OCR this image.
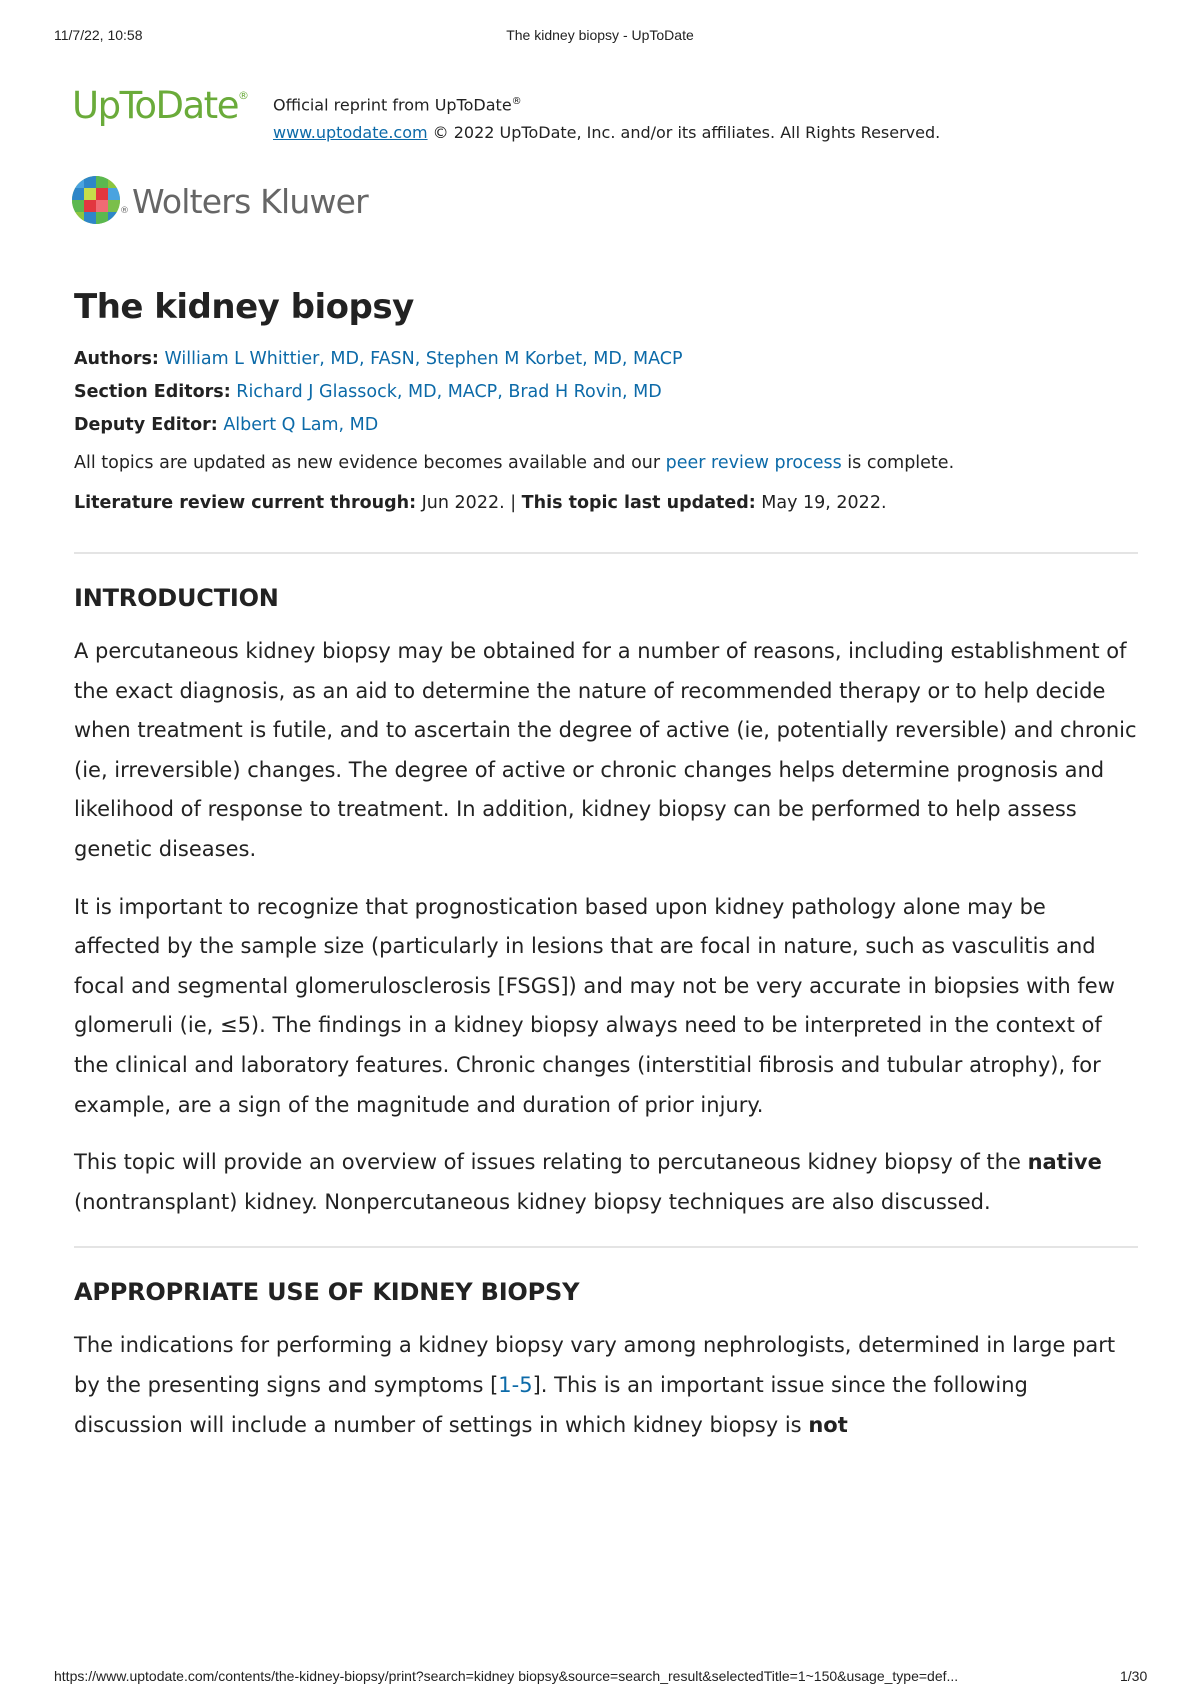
11/7/22, 10:58	The kidney biopsy - UpToDate
UpToDate®
Official reprint from UpToDate®
www.uptodate.com © 2022 UpToDate, Inc. and/or its affiliates. All Rights Reserved.
® Wolters Kluwer
The kidney biopsy

Authors: William L Whittier, MD, FASN, Stephen M Korbet, MD, MACP

Section Editors: Richard J Glassock, MD, MACP, Brad H Rovin, MD

Deputy Editor: Albert Q Lam, MD

All topics are updated as new evidence becomes available and our peer review process is complete.
Literature review current through: Jun 2022. | This topic last updated: May 19, 2022.
INTRODUCTION

A percutaneous kidney biopsy may be obtained for a number of reasons, including establishment of the exact diagnosis, as an aid to determine the nature of recommended therapy or to help decide when treatment is futile, and to ascertain the degree of active (ie, potentially reversible) and chronic (ie, irreversible) changes. The degree of active or chronic changes helps determine prognosis and likelihood of response to treatment. In addition, kidney biopsy can be performed to help assess genetic diseases.

It is important to recognize that prognostication based upon kidney pathology alone may be affected by the sample size (particularly in lesions that are focal in nature, such as vasculitis and focal and segmental glomerulosclerosis [FSGS]) and may not be very accurate in biopsies with few glomeruli (ie, ≤5). The findings in a kidney biopsy always need to be interpreted in the context of the clinical and laboratory features. Chronic changes (interstitial fibrosis and tubular atrophy), for example, are a sign of the magnitude and duration of prior injury.

This topic will provide an overview of issues relating to percutaneous kidney biopsy of the native (nontransplant) kidney. Nonpercutaneous kidney biopsy techniques are also discussed.

APPROPRIATE USE OF KIDNEY BIOPSY

The indications for performing a kidney biopsy vary among nephrologists, determined in large part by the presenting signs and symptoms [1-5]. This is an important issue since the following discussion will include a number of settings in which kidney biopsy is not

https://www.uptodate.com/contents/the-kidney-biopsy/print?search=kidney biopsy&source=search_result&selectedTitle=1~150&usage_type=def...	1/30
